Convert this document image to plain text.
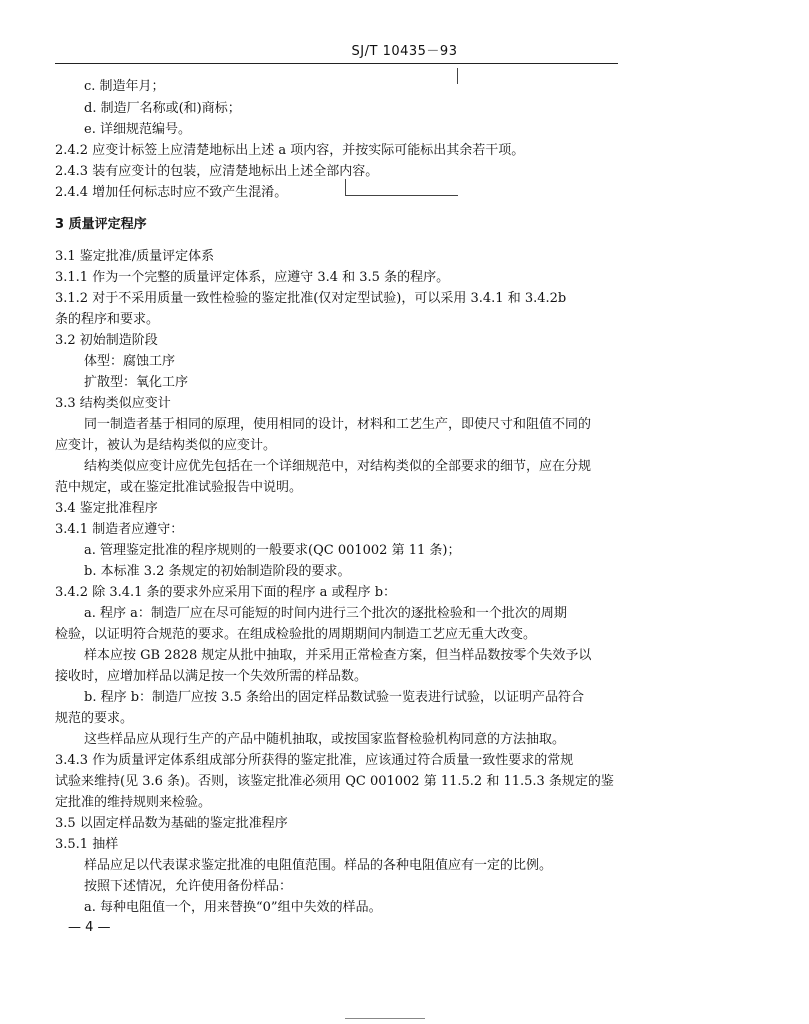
SJ/T 10435－93
c. 制造年月；
d. 制造厂名称或(和)商标；
e. 详细规范编号。
2.4.2 应变计标签上应清楚地标出上述 a 项内容，并按实际可能标出其余若干项。
2.4.3 装有应变计的包装，应清楚地标出上述全部内容。
2.4.4 增加任何标志时应不致产生混淆。
3 质量评定程序
3.1 鉴定批准/质量评定体系
3.1.1 作为一个完整的质量评定体系，应遵守 3.4 和 3.5 条的程序。
3.1.2 对于不采用质量一致性检验的鉴定批准(仅对定型试验)，可以采用 3.4.1 和 3.4.2b
条的程序和要求。
3.2 初始制造阶段
体型：腐蚀工序
扩散型：氧化工序
3.3 结构类似应变计
同一制造者基于相同的原理，使用相同的设计，材料和工艺生产，即使尺寸和阻值不同的
应变计，被认为是结构类似的应变计。
结构类似应变计应优先包括在一个详细规范中，对结构类似的全部要求的细节，应在分规
范中规定，或在鉴定批准试验报告中说明。
3.4 鉴定批准程序
3.4.1 制造者应遵守：
a. 管理鉴定批准的程序规则的一般要求(QC 001002 第 11 条)；
b. 本标准 3.2 条规定的初始制造阶段的要求。
3.4.2 除 3.4.1 条的要求外应采用下面的程序 a 或程序 b：
a. 程序 a：制造厂应在尽可能短的时间内进行三个批次的逐批检验和一个批次的周期
检验，以证明符合规范的要求。在组成检验批的周期期间内制造工艺应无重大改变。
样本应按 GB 2828 规定从批中抽取，并采用正常检查方案，但当样品数按零个失效予以
接收时，应增加样品以满足按一个失效所需的样品数。
b. 程序 b：制造厂应按 3.5 条给出的固定样品数试验一览表进行试验，以证明产品符合
规范的要求。
这些样品应从现行生产的产品中随机抽取，或按国家监督检验机构同意的方法抽取。
3.4.3 作为质量评定体系组成部分所获得的鉴定批准，应该通过符合质量一致性要求的常规
试验来维持(见 3.6 条)。否则，该鉴定批准必须用 QC 001002 第 11.5.2 和 11.5.3 条规定的鉴
定批准的维持规则来检验。
3.5 以固定样品数为基础的鉴定批准程序
3.5.1 抽样
样品应足以代表谋求鉴定批准的电阻值范围。样品的各种电阻值应有一定的比例。
按照下述情况，允许使用备份样品：
a. 每种电阻值一个，用来替换“0”组中失效的样品。
— 4 —
